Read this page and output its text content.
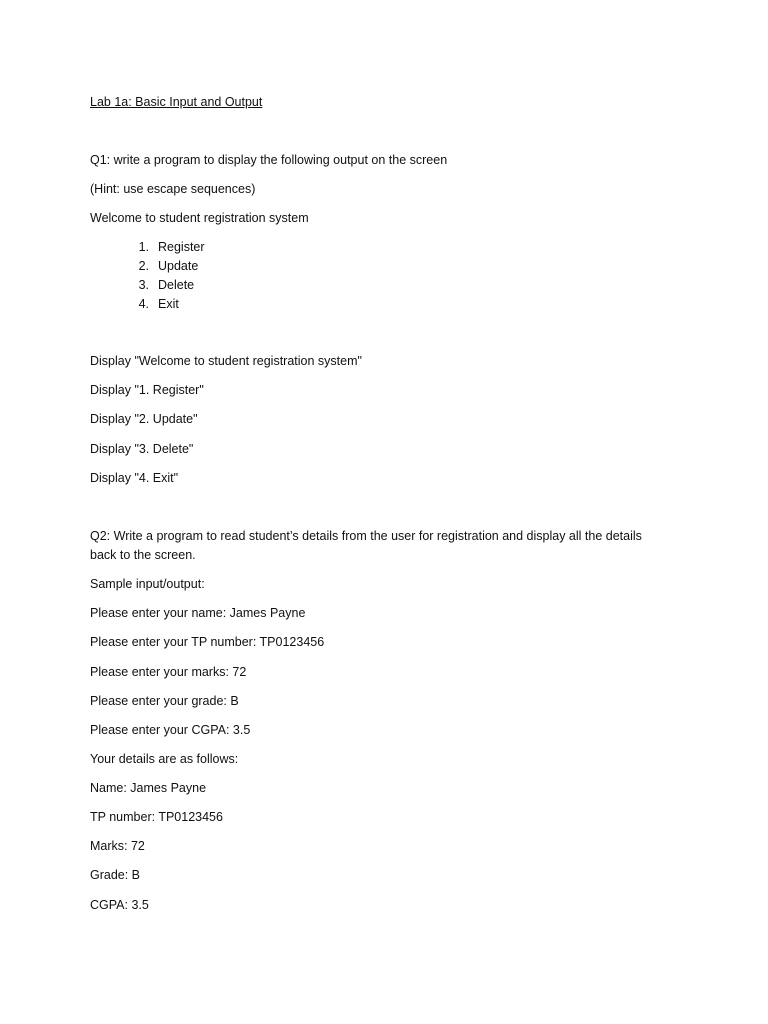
Lab 1a: Basic Input and Output
Q1: write a program to display the following output on the screen
(Hint: use escape sequences)
Welcome to student registration system
1. Register
2. Update
3. Delete
4. Exit
Display "Welcome to student registration system"
Display "1. Register"
Display "2. Update"
Display "3. Delete"
Display "4. Exit"
Q2: Write a program to read student’s details from the user for registration and display all the details back to the screen.
Sample input/output:
Please enter your name: James Payne
Please enter your TP number: TP0123456
Please enter your marks: 72
Please enter your grade: B
Please enter your CGPA: 3.5
Your details are as follows:
Name: James Payne
TP number: TP0123456
Marks: 72
Grade: B
CGPA: 3.5
